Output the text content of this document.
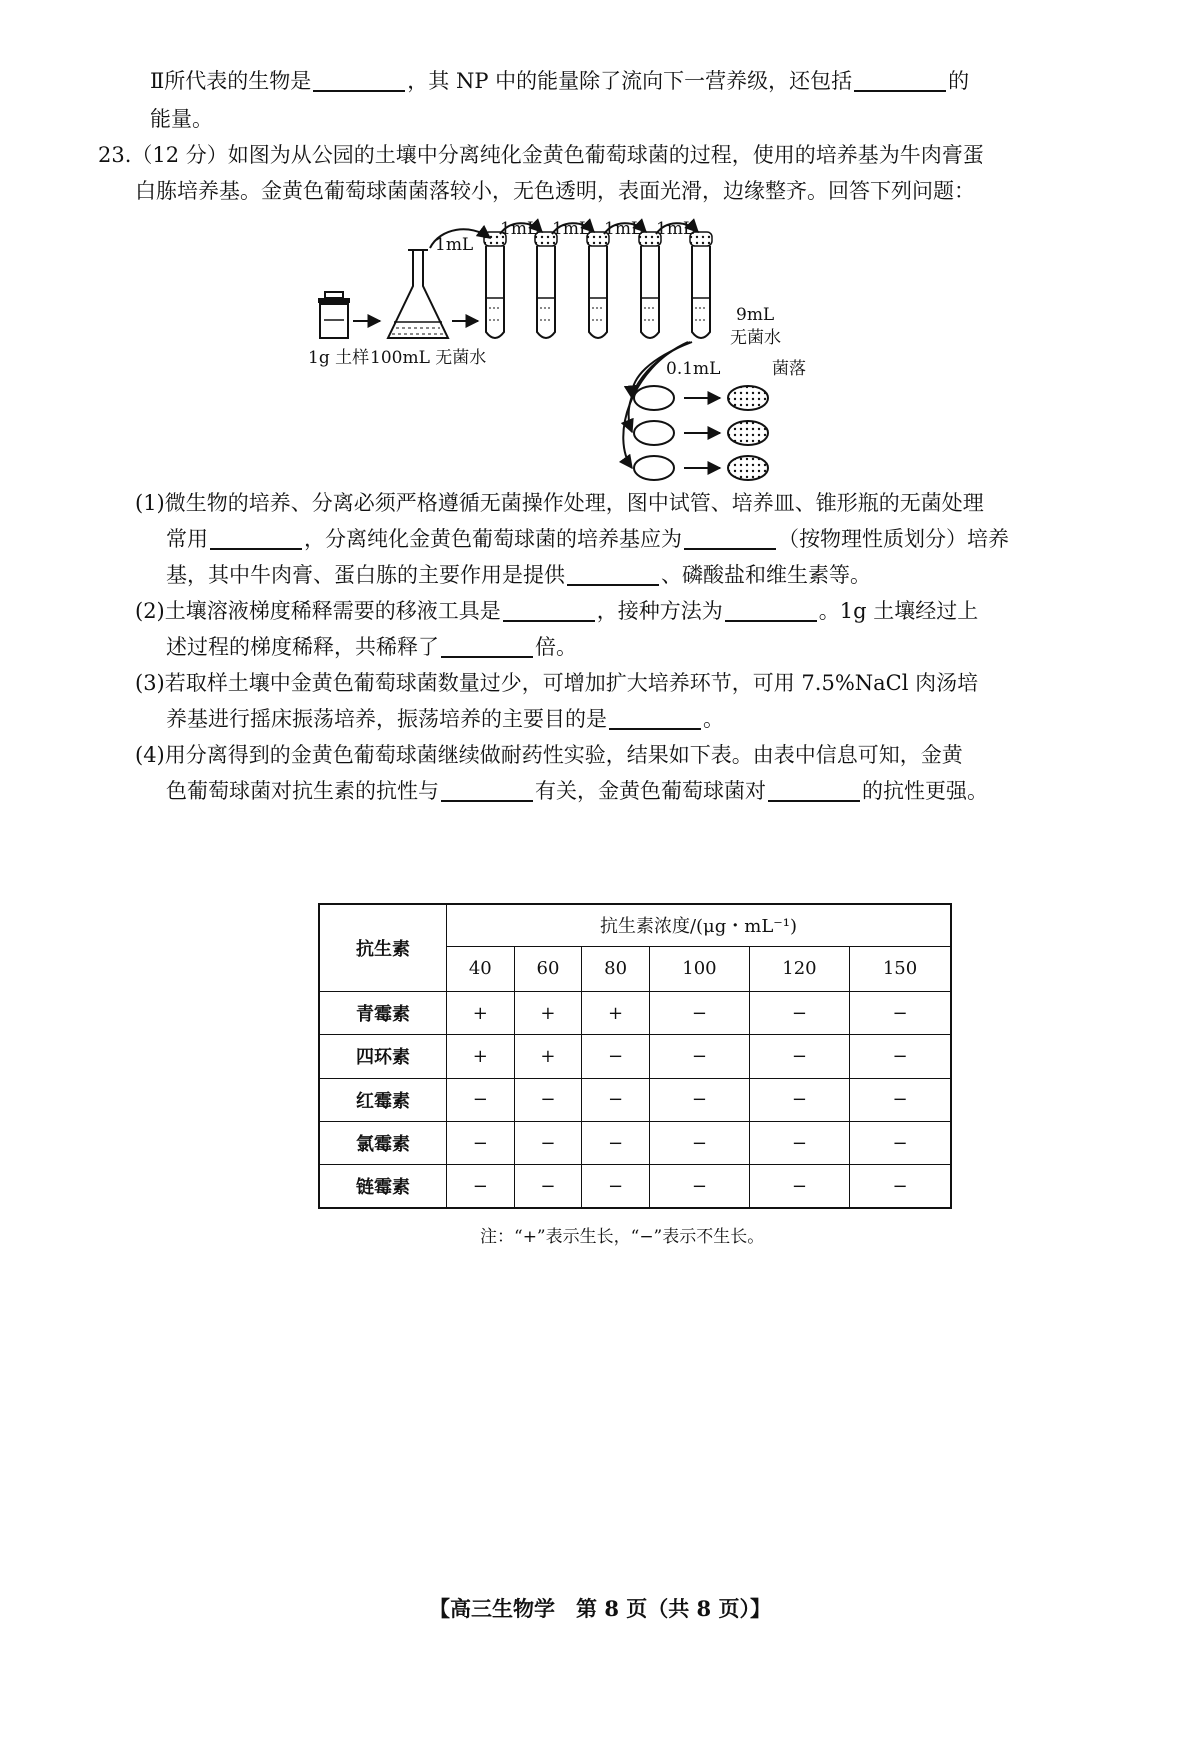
Ⅱ所代表的生物是	，其 NP 中的能量除了流向下一营养级，还包括	的
能量。
23.（12 分）如图为从公园的土壤中分离纯化金黄色葡萄球菌的过程，使用的培养基为牛肉膏蛋
白胨培养基。金黄色葡萄球菌菌落较小，无色透明，表面光滑，边缘整齐。回答下列问题：
1mL
1mL 1mL 1mL 1mL
9mL
无菌水
1g 土样 100mL 无菌水
0.1mL	菌落
(1)微生物的培养、分离必须严格遵循无菌操作处理，图中试管、培养皿、锥形瓶的无菌处理
常用	，分离纯化金黄色葡萄球菌的培养基应为	（按物理性质划分）培养
基，其中牛肉膏、蛋白胨的主要作用是提供	、磷酸盐和维生素等。
(2)土壤溶液梯度稀释需要的移液工具是	，接种方法为	。1g 土壤经过上
述过程的梯度稀释，共稀释了	倍。
(3)若取样土壤中金黄色葡萄球菌数量过少，可增加扩大培养环节，可用 7.5%NaCl 肉汤培
养基进行摇床振荡培养，振荡培养的主要目的是	。
(4)用分离得到的金黄色葡萄球菌继续做耐药性实验，结果如下表。由表中信息可知，金黄
色葡萄球菌对抗生素的抗性与	有关，金黄色葡萄球菌对	的抗性更强。
抗生素	抗生素浓度/(μg・mL⁻¹)					
	40	60	80	100	120	150
青霉素	+	+	+	−	−	−
四环素	+	+	−	−	−	−
红霉素	−	−	−	−	−	−
氯霉素	−	−	−	−	−	−
链霉素	−	−	−	−	−	−
注：“+”表示生长，“−”表示不生长。
【高三生物学　第 8 页（共 8 页）】
